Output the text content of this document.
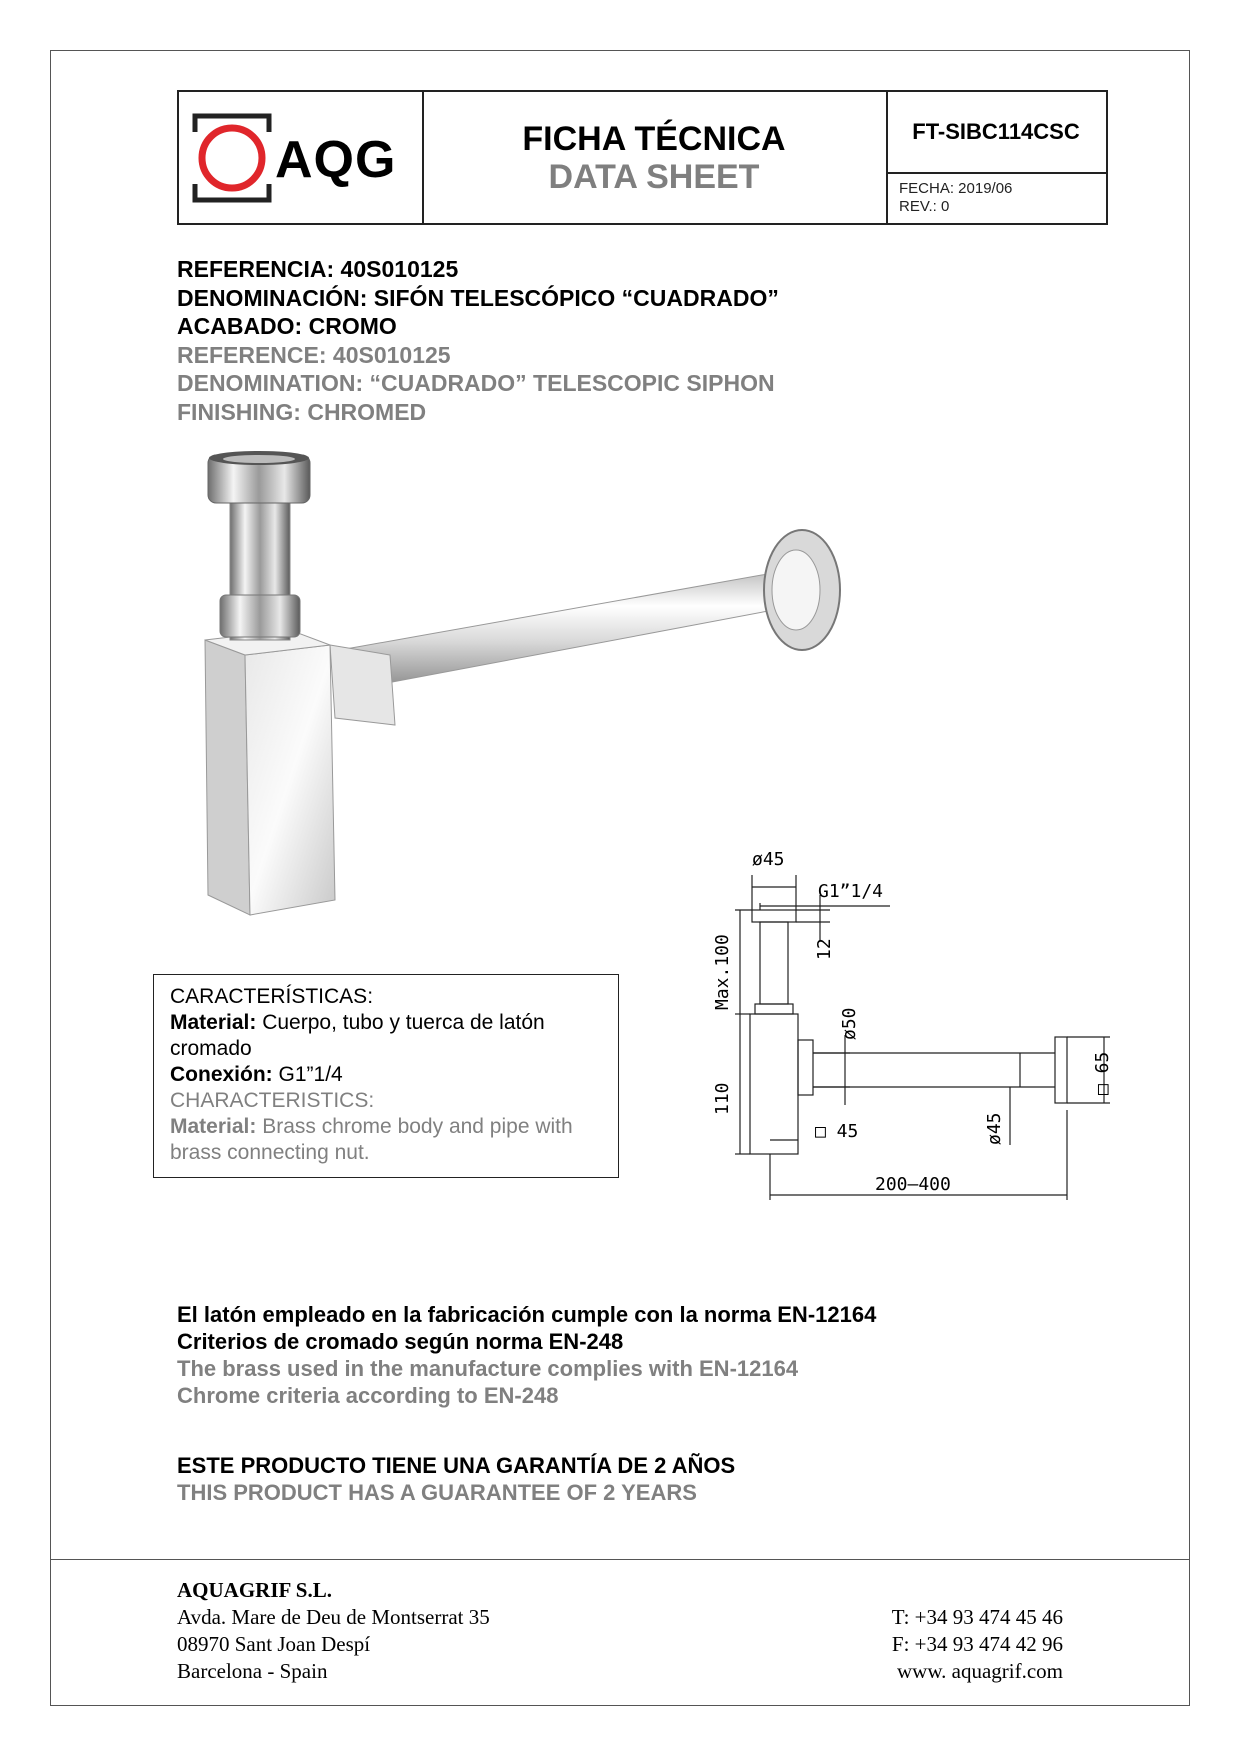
AQG	FICHA TÉCNICA
DATA SHEET
FT-SIBC114CSC
FECHA: 2019/06
REV.: 0
REFERENCIA: 40S010125
DENOMINACIÓN: SIFÓN TELESCÓPICO “CUADRADO”
ACABADO: CROMO
REFERENCE: 40S010125
DENOMINATION: “CUADRADO” TELESCOPIC SIPHON
FINISHING: CHROMED
ø45
G1”1/4
12
Max.100
ø50
110
□ 45	ø45
□ 65
200–400
CARACTERÍSTICAS:
Material: Cuerpo, tubo y tuerca de latón cromado
Conexión: G1”1/4
CHARACTERISTICS:
Material: Brass chrome body and pipe with brass connecting nut.
El latón empleado en la fabricación cumple con la norma EN-12164
Criterios de cromado según norma EN-248
The brass used in the manufacture complies with EN-12164
Chrome criteria according to EN-248
ESTE PRODUCTO TIENE UNA GARANTÍA DE 2 AÑOS
THIS PRODUCT HAS A GUARANTEE OF 2 YEARS
AQUAGRIF S.L.
Avda. Mare de Deu de Montserrat 35
08970 Sant Joan Despí
Barcelona - Spain
T: +34 93 474 45 46
F: +34 93 474 42 96
www. aquagrif.com
